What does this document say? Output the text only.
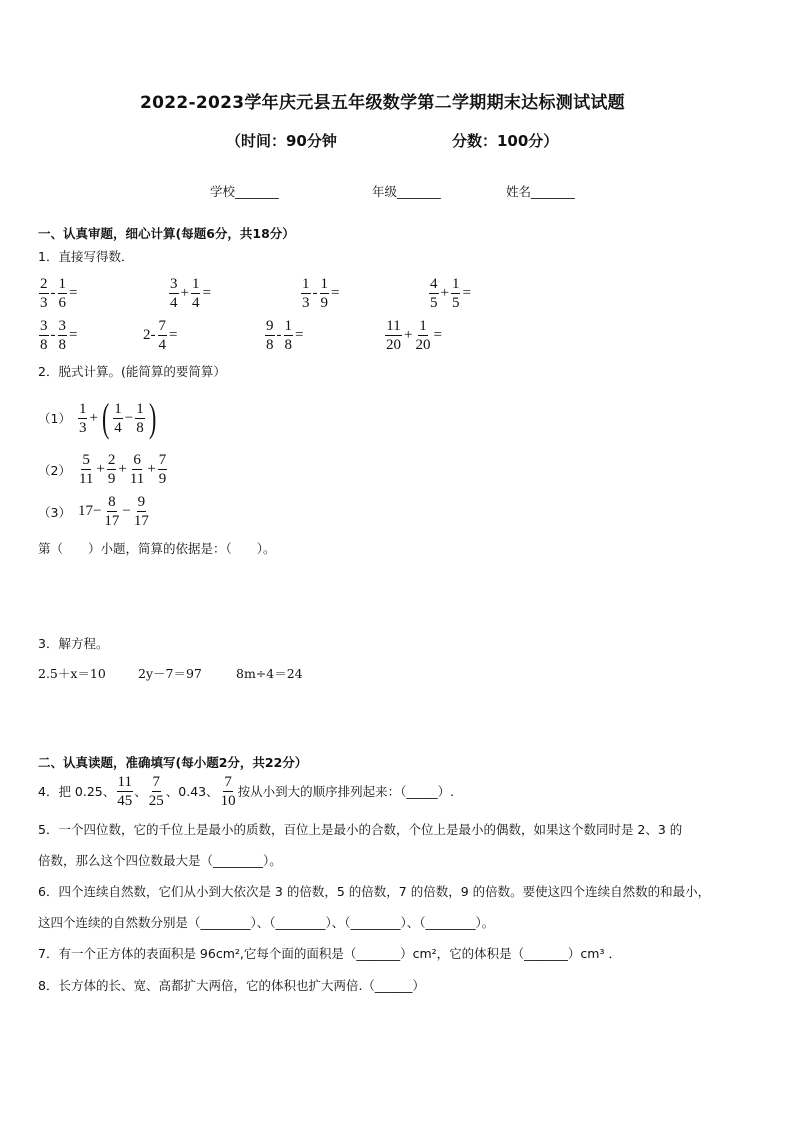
2022-2023学年庆元县五年级数学第二学期期末达标测试试题
（时间：90分钟	分数：100分）
学校_______	年级_______	姓名_______
一、认真审题，细心计算(每题6分，共18分）
1．直接写得数．
$\frac{2}{3} - \frac{1}{6}$ =	$\frac{3}{4} + \frac{1}{4}$ =	$\frac{1}{3} - \frac{1}{9}$ =	$\frac{4}{5} + \frac{1}{5}$ =
$\frac{3}{8} - \frac{3}{8}$ =	$2- \frac{7}{4}$ =	$\frac{9}{8} - \frac{1}{8}$ =	$\frac{11}{20} + \frac{1}{20}$ =
2．脱式计算。(能简算的要简算）
$(1) \frac{1}{3}$ + ( $\frac{1}{4} - \frac{1}{8}$ )
$(2) \frac{5}{11} + \frac{2}{9} + \frac{6}{11} + \frac{7}{9}$
（3） $17- \frac{8}{17} - \frac{9}{17}$
第（　　）小题，简算的依据是：（　　）。
3．解方程。
2.5＋x＝10	2y－7＝97	8m÷4＝24
二、认真读题，准确填写(每小题2分，共22分）
4．把 0.25、 $\frac{11}{45}$ 、 $\frac{7}{25}$ 、0.43、 $\frac{7}{10}$ 按从小到大的顺序排列起来：（_____）.
5．一个四位数，它的千位上是最小的质数，百位上是最小的合数，个位上是最小的偶数，如果这个数同时是 2、3 的
倍数，那么这个四位数最大是（________）。
6．四个连续自然数，它们从小到大依次是 3 的倍数，5 的倍数，7 的倍数，9 的倍数。要使这四个连续自然数的和最小，
这四个连续的自然数分别是（________）、（________）、（________）、（________）。
7．有一个正方体的表面积是 96cm²,它每个面的面积是（_______）cm²，它的体积是（_______）cm³ ．
8．长方体的长、宽、高都扩大两倍，它的体积也扩大两倍.（______）
